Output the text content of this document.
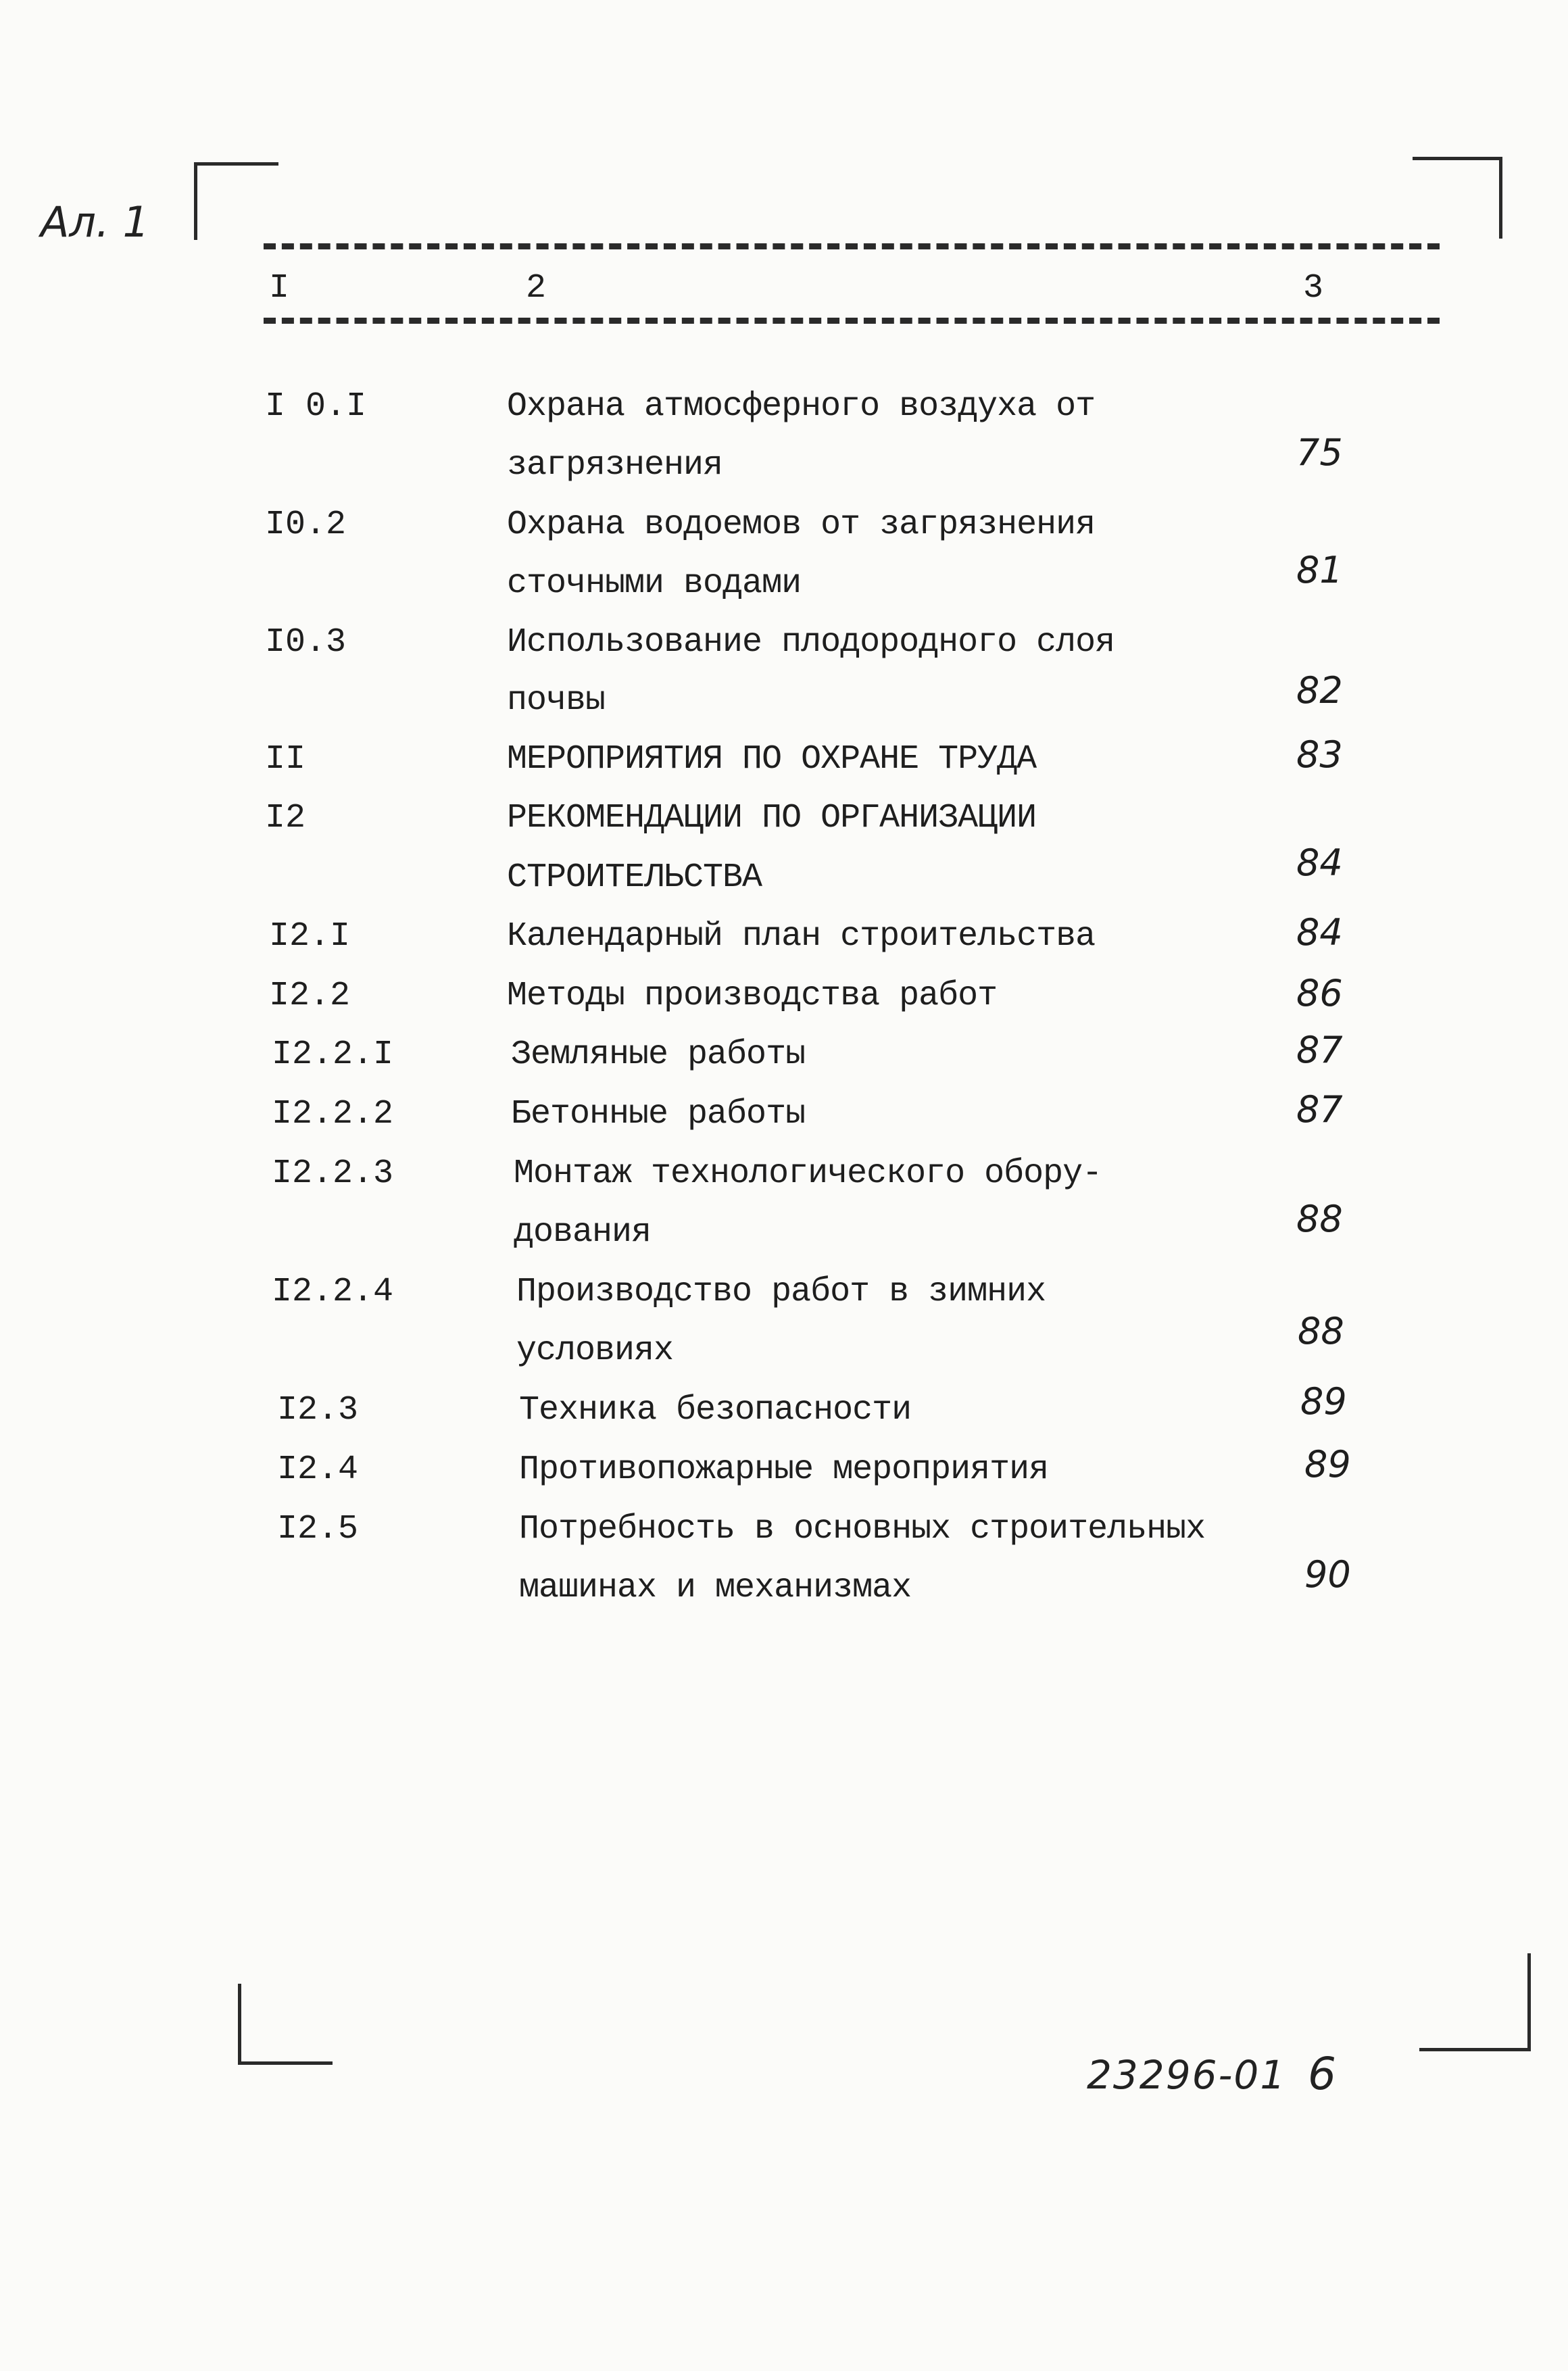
Ал. 1
I	2	3
I 0.I	Охрана атмосферного воздуха от
загрязнения	75
I0.2	Охрана водоемов от загрязнения
сточными водами	81
I0.3	Использование плодородного слоя
почвы	82
II	МЕРОПРИЯТИЯ ПО ОХРАНЕ ТРУДА	83
I2	РЕКОМЕНДАЦИИ ПО ОРГАНИЗАЦИИ
СТРОИТЕЛЬСТВА	84
I2.I	Календарный план строительства	84
I2.2	Методы производства работ	86
I2.2.I	Земляные работы	87
I2.2.2	Бетонные работы	87
I2.2.3	Монтаж технологического обору-
дования	88
I2.2.4	Производство работ в зимних
условиях	88
I2.3	Техника безопасности	89
I2.4	Противопожарные мероприятия	89
I2.5	Потребность в основных строительных
машинах и механизмах	90
23296-01 6
